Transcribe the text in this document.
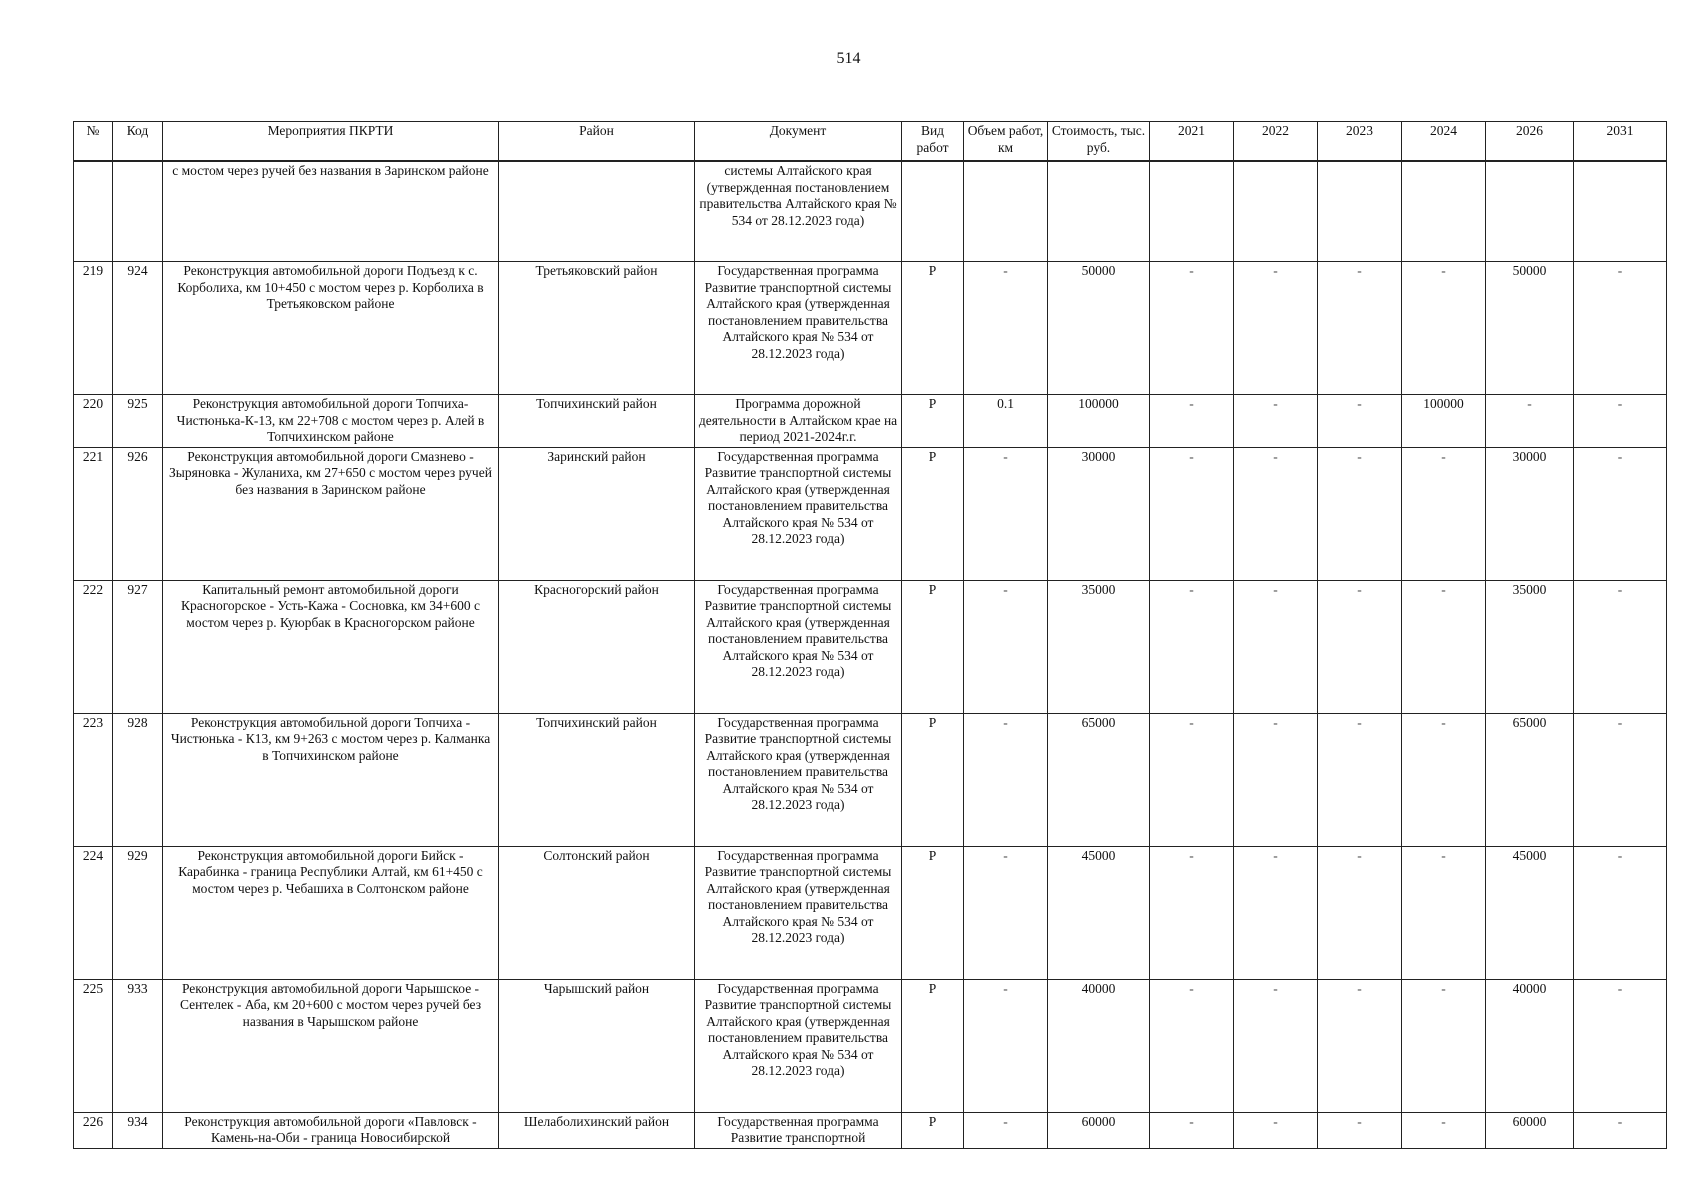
514
№	Код	Мероприятия ПКРТИ	Район	Документ	Вид работ	Объем работ, км	Стоимость, тыс. руб.	2021	2022	2023	2024	2026	2031
		с мостом через ручей без названия в Заринском районе		системы Алтайского края (утвержденная постановлением правительства Алтайского края № 534 от 28.12.2023 года)									
219	924	Реконструкция автомобильной дороги Подъезд к с. Корболиха, км 10+450 с мостом через р. Корболиха в Третьяковском районе	Третьяковский район	Государственная программа Развитие транспортной системы Алтайского края (утвержденная постановлением правительства Алтайского края № 534 от 28.12.2023 года)	Р	-	50000	-	-	-	-	50000	-
220	925	Реконструкция автомобильной дороги Топчиха-Чистюнька-К-13, км 22+708 с мостом через р. Алей в Топчихинском районе	Топчихинский район	Программа дорожной деятельности в Алтайском крае на период 2021-2024г.г.	Р	0.1	100000	-	-	-	100000	-	-
221	926	Реконструкция автомобильной дороги Смазнево - Зыряновка - Жуланиха, км 27+650 с мостом через ручей без названия в Заринском районе	Заринский район	Государственная программа Развитие транспортной системы Алтайского края (утвержденная постановлением правительства Алтайского края № 534 от 28.12.2023 года)	Р	-	30000	-	-	-	-	30000	-
222	927	Капитальный ремонт автомобильной дороги Красногорское - Усть-Кажа - Сосновка, км 34+600 с мостом через р. Куюрбак в Красногорском районе	Красногорский район	Государственная программа Развитие транспортной системы Алтайского края (утвержденная постановлением правительства Алтайского края № 534 от 28.12.2023 года)	Р	-	35000	-	-	-	-	35000	-
223	928	Реконструкция автомобильной дороги Топчиха - Чистюнька - К13, км 9+263 с мостом через р. Калманка в Топчихинском районе	Топчихинский район	Государственная программа Развитие транспортной системы Алтайского края (утвержденная постановлением правительства Алтайского края № 534 от 28.12.2023 года)	Р	-	65000	-	-	-	-	65000	-
224	929	Реконструкция автомобильной дороги Бийск - Карабинка - граница Республики Алтай, км 61+450 с мостом через р. Чебашиха в Солтонском районе	Солтонский район	Государственная программа Развитие транспортной системы Алтайского края (утвержденная постановлением правительства Алтайского края № 534 от 28.12.2023 года)	Р	-	45000	-	-	-	-	45000	-
225	933	Реконструкция автомобильной дороги Чарышское - Сентелек - Аба, км 20+600 с мостом через ручей без названия в Чарышском районе	Чарышский район	Государственная программа Развитие транспортной системы Алтайского края (утвержденная постановлением правительства Алтайского края № 534 от 28.12.2023 года)	Р	-	40000	-	-	-	-	40000	-
226	934	Реконструкция автомобильной дороги «Павловск - Камень-на-Оби - граница Новосибирской	Шелаболихинский район	Государственная программа Развитие транспортной	Р	-	60000	-	-	-	-	60000	-
